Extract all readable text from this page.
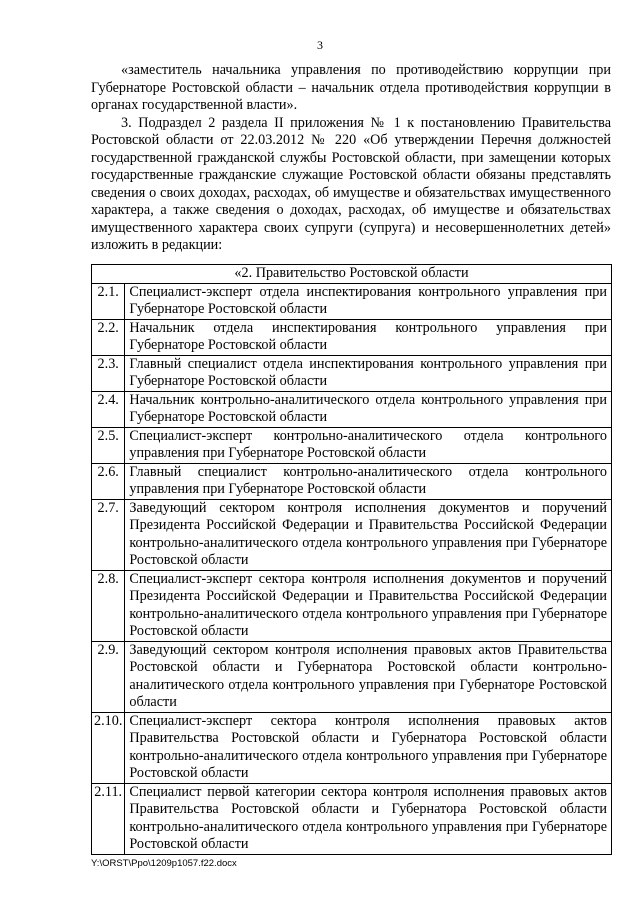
3

«заместитель начальника управления по противодействию коррупции при Губернаторе Ростовской области – начальник отдела противодействия коррупции в органах государственной власти».

3. Подраздел 2 раздела II приложения № 1 к постановлению Правительства Ростовской области от 22.03.2012 № 220 «Об утверждении Перечня должностей государственной гражданской службы Ростовской области, при замещении которых государственные гражданские служащие Ростовской области обязаны представлять сведения о своих доходах, расходах, об имуществе и обязательствах имущественного характера, а также сведения о доходах, расходах, об имуществе и обязательствах имущественного характера своих супруги (супруга) и несовершеннолетних детей» изложить в редакции:

«2. Правительство Ростовской области	
2.1.	Специалист-эксперт отдела инспектирования контрольного управления при Губернаторе Ростовской области
2.2.	Начальник отдела инспектирования контрольного управления при Губернаторе Ростовской области
2.3.	Главный специалист отдела инспектирования контрольного управления при Губернаторе Ростовской области
2.4.	Начальник контрольно-аналитического отдела контрольного управления при Губернаторе Ростовской области
2.5.	Специалист-эксперт контрольно-аналитического отдела контрольного управления при Губернаторе Ростовской области
2.6.	Главный специалист контрольно-аналитического отдела контрольного управления при Губернаторе Ростовской области
2.7.	Заведующий сектором контроля исполнения документов и поручений Президента Российской Федерации и Правительства Российской Федерации контрольно-аналитического отдела контрольного управления при Губернаторе Ростовской области
2.8.	Специалист-эксперт сектора контроля исполнения документов и поручений Президента Российской Федерации и Правительства Российской Федерации контрольно-аналитического отдела контрольного управления при Губернаторе Ростовской области
2.9.	Заведующий сектором контроля исполнения правовых актов Правительства Ростовской области и Губернатора Ростовской области контрольно-аналитического отдела контрольного управления при Губернаторе Ростовской области
2.10.	Специалист-эксперт сектора контроля исполнения правовых актов Правительства Ростовской области и Губернатора Ростовской области контрольно-аналитического отдела контрольного управления при Губернаторе Ростовской области
2.11.	Специалист первой категории сектора контроля исполнения правовых актов Правительства Ростовской области и Губернатора Ростовской области контрольно-аналитического отдела контрольного управления при Губернаторе Ростовской области
Y:\ORST\Ppo\1209p1057.f22.docx
